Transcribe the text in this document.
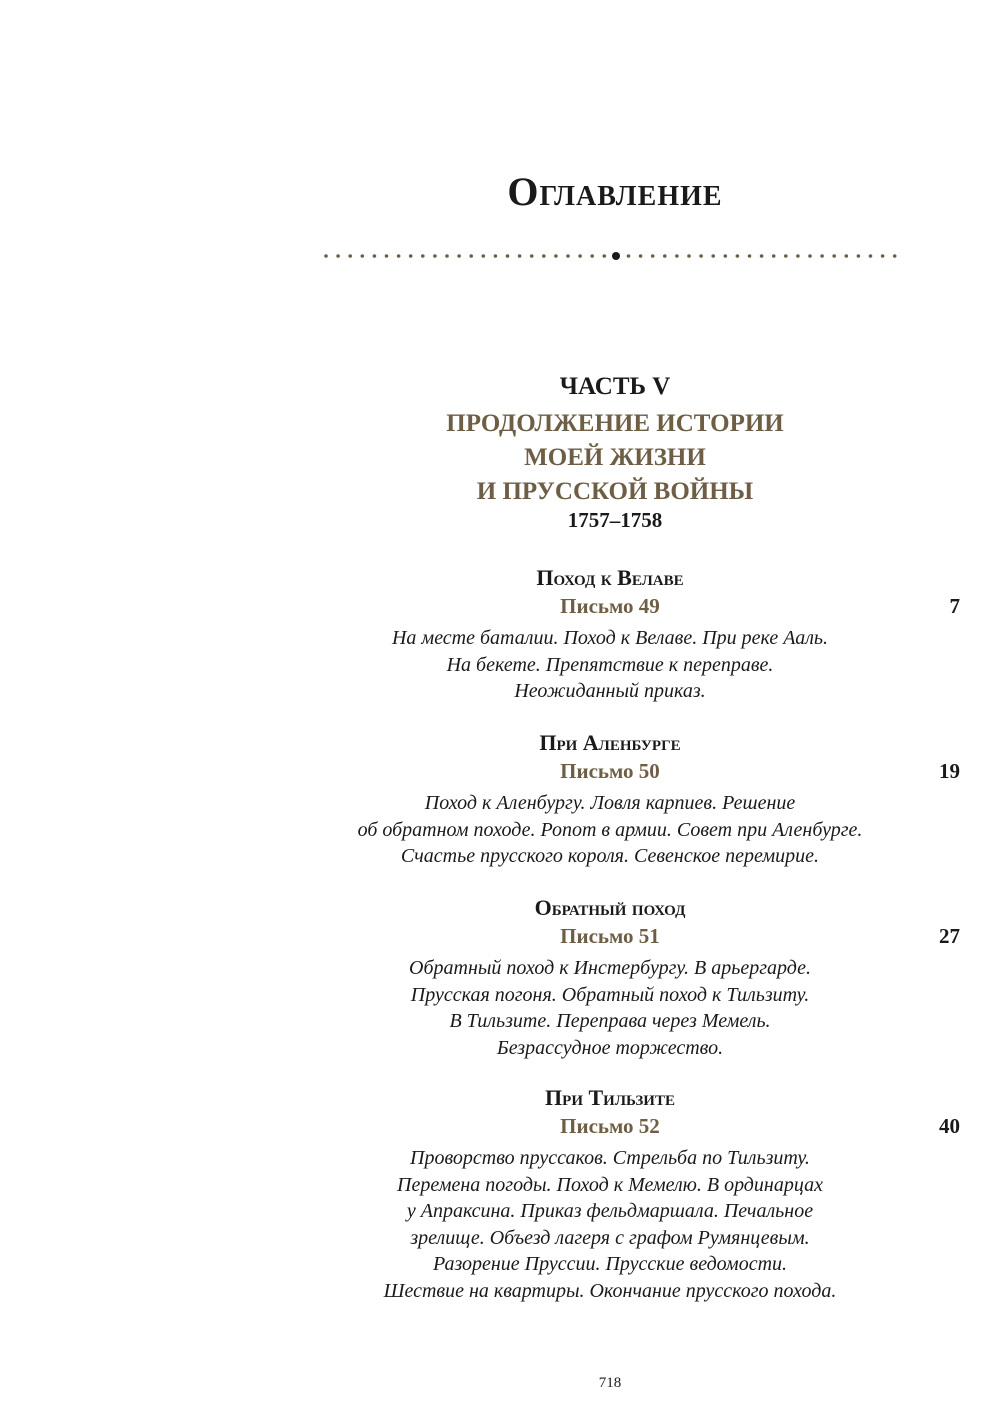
Оглавление
ЧАСТЬ V
ПРОДОЛЖЕНИЕ ИСТОРИИ
МОЕЙ ЖИЗНИ
И ПРУССКОЙ ВОЙНЫ
1757–1758
Поход к Велаве
Письмо 49	7
На месте баталии. Поход к Велаве. При реке Ааль.
На бекете. Препятствие к переправе.
Неожиданный приказ.
При Аленбурге
Письмо 50	19
Поход к Аленбургу. Ловля карпиев. Решение
об обратном походе. Ропот в армии. Совет при Аленбурге.
Счастье прусского короля. Севенское перемирие.
Обратный поход
Письмо 51	27
Обратный поход к Инстербургу. В арьергарде.
Прусская погоня. Обратный поход к Тильзиту.
В Тильзите. Переправа через Мемель.
Безрассудное торжество.
При Тильзите
Письмо 52	40
Проворство пруссаков. Стрельба по Тильзиту.
Перемена погоды. Поход к Мемелю. В ординарцах
у Апраксина. Приказ фельдмаршала. Печальное
зрелище. Объезд лагеря с графом Румянцевым.
Разорение Пруссии. Прусские ведомости.
Шествие на квартиры. Окончание прусского похода.
718
